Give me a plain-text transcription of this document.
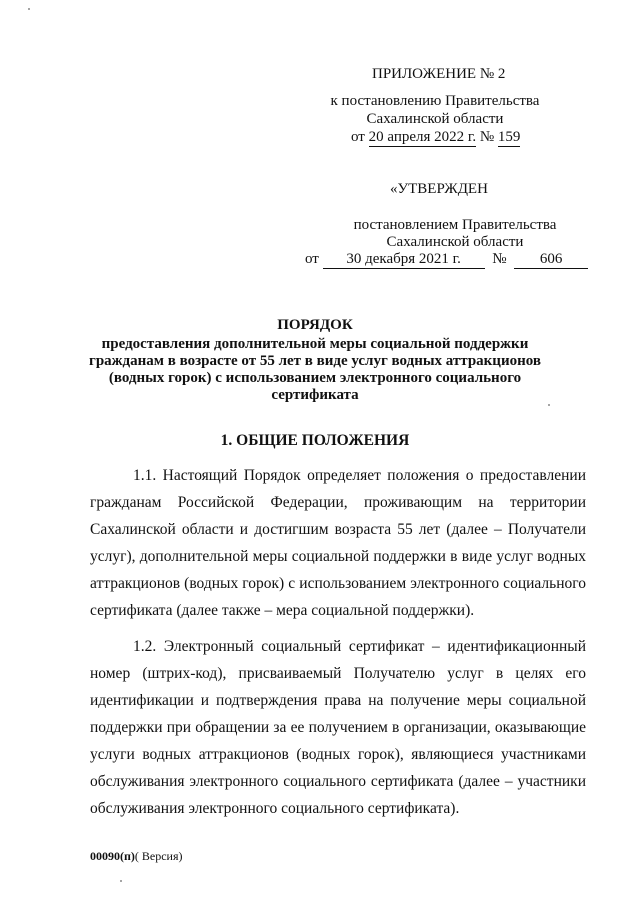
ПРИЛОЖЕНИЕ № 2
к постановлению Правительства
Сахалинской области
от 20 апреля 2022 г. № 159
«УТВЕРЖДЕН
постановлением Правительства
Сахалинской области
от 30 декабря 2021 г. № 606
ПОРЯДОК
предоставления дополнительной меры социальной поддержки
гражданам в возрасте от 55 лет в виде услуг водных аттракционов
(водных горок) с использованием электронного социального
сертификата
1. ОБЩИЕ ПОЛОЖЕНИЯ

1.1. Настоящий Порядок определяет положения о предоставлении гражданам Российской Федерации, проживающим на территории Сахалинской области и достигшим возраста 55 лет (далее – Получатели услуг), дополнительной меры социальной поддержки в виде услуг водных аттракционов (водных горок) с использованием электронного социального сертификата (далее также – мера социальной поддержки).

1.2. Электронный социальный сертификат – идентификационный номер (штрих-код), присваиваемый Получателю услуг в целях его идентификации и подтверждения права на получение меры социальной поддержки при обращении за ее получением в организации, оказывающие услуги водных аттракционов (водных горок), являющиеся участниками обслуживания электронного социального сертификата (далее – участники обслуживания электронного социального сертификата).

00090(п)( Версия)
